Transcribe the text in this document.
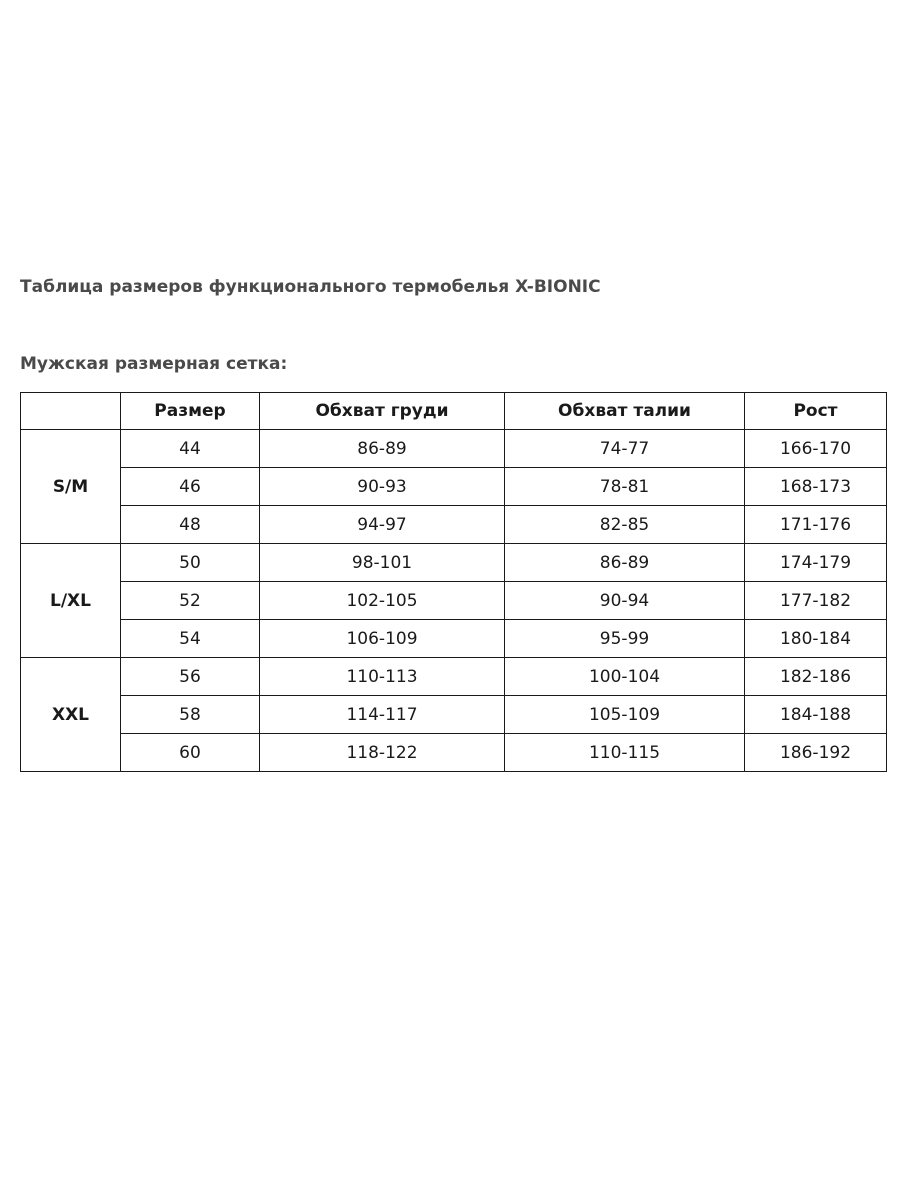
Таблица размеров функционального термобелья X-BIONIC
Мужская размерная сетка:
	Размер	Обхват груди	Обхват талии	Рост
S/M	44	86-89	74-77	166-170
	46	90-93	78-81	168-173
	48	94-97	82-85	171-176
L/XL	50	98-101	86-89	174-179
	52	102-105	90-94	177-182
	54	106-109	95-99	180-184
XXL	56	110-113	100-104	182-186
	58	114-117	105-109	184-188
	60	118-122	110-115	186-192
